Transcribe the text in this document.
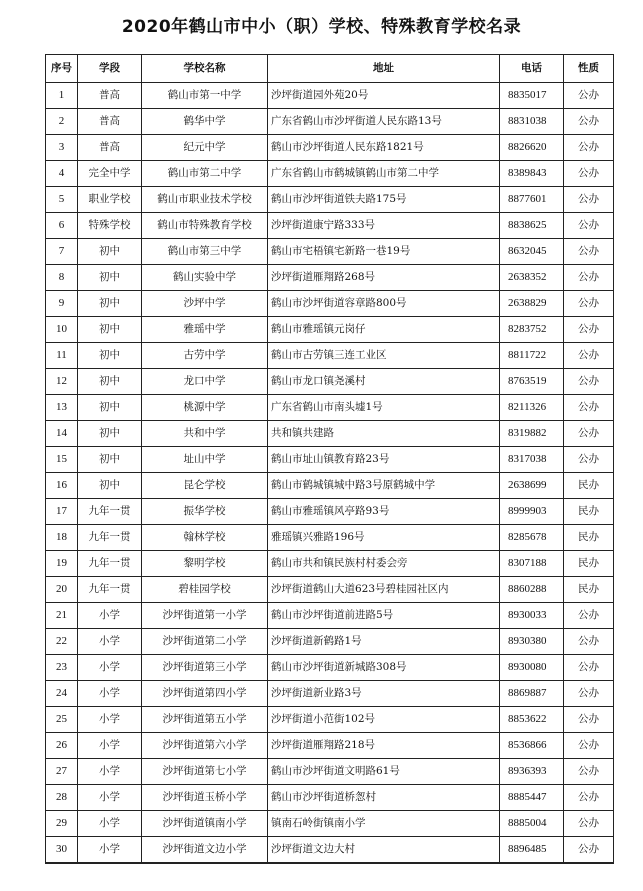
2020年鹤山市中小（职）学校、特殊教育学校名录
序号	学段	学校名称	地址	电话	性质
1	普高	鹤山市第一中学	沙坪街道园外苑20号	8835017	公办
2	普高	鹤华中学	广东省鹤山市沙坪街道人民东路13号	8831038	公办
3	普高	纪元中学	鹤山市沙坪街道人民东路1821号	8826620	公办
4	完全中学	鹤山市第二中学	广东省鹤山市鹤城镇鹤山市第二中学	8389843	公办
5	职业学校	鹤山市职业技术学校	鹤山市沙坪街道铁夫路175号	8877601	公办
6	特殊学校	鹤山市特殊教育学校	沙坪街道康宁路333号	8838625	公办
7	初中	鹤山市第三中学	鹤山市宅梧镇宅新路一巷19号	8632045	公办
8	初中	鹤山实验中学	沙坪街道雁翔路268号	2638352	公办
9	初中	沙坪中学	鹤山市沙坪街道容章路800号	2638829	公办
10	初中	雅瑶中学	鹤山市雅瑶镇元岗仔	8283752	公办
11	初中	古劳中学	鹤山市古劳镇三连工业区	8811722	公办
12	初中	龙口中学	鹤山市龙口镇尧溪村	8763519	公办
13	初中	桃源中学	广东省鹤山市南头墟1号	8211326	公办
14	初中	共和中学	共和镇共建路	8319882	公办
15	初中	址山中学	鹤山市址山镇教育路23号	8317038	公办
16	初中	昆仑学校	鹤山市鹤城镇城中路3号原鹤城中学	2638699	民办
17	九年一贯	振华学校	鹤山市雅瑶镇风亭路93号	8999903	民办
18	九年一贯	翰林学校	雅瑶镇兴雅路196号	8285678	民办
19	九年一贯	黎明学校	鹤山市共和镇民族村村委会旁	8307188	民办
20	九年一贯	碧桂园学校	沙坪街道鹤山大道623号碧桂园社区内	8860288	民办
21	小学	沙坪街道第一小学	鹤山市沙坪街道前进路5号	8930033	公办
22	小学	沙坪街道第二小学	沙坪街道新鹤路1号	8930380	公办
23	小学	沙坪街道第三小学	鹤山市沙坪街道新城路308号	8930080	公办
24	小学	沙坪街道第四小学	沙坪街道新业路3号	8869887	公办
25	小学	沙坪街道第五小学	沙坪街道小范街102号	8853622	公办
26	小学	沙坪街道第六小学	沙坪街道雁翔路218号	8536866	公办
27	小学	沙坪街道第七小学	鹤山市沙坪街道文明路61号	8936393	公办
28	小学	沙坪街道玉桥小学	鹤山市沙坪街道桥怱村	8885447	公办
29	小学	沙坪街道镇南小学	镇南石岭街镇南小学	8885004	公办
30	小学	沙坪街道文边小学	沙坪街道文边大村	8896485	公办
